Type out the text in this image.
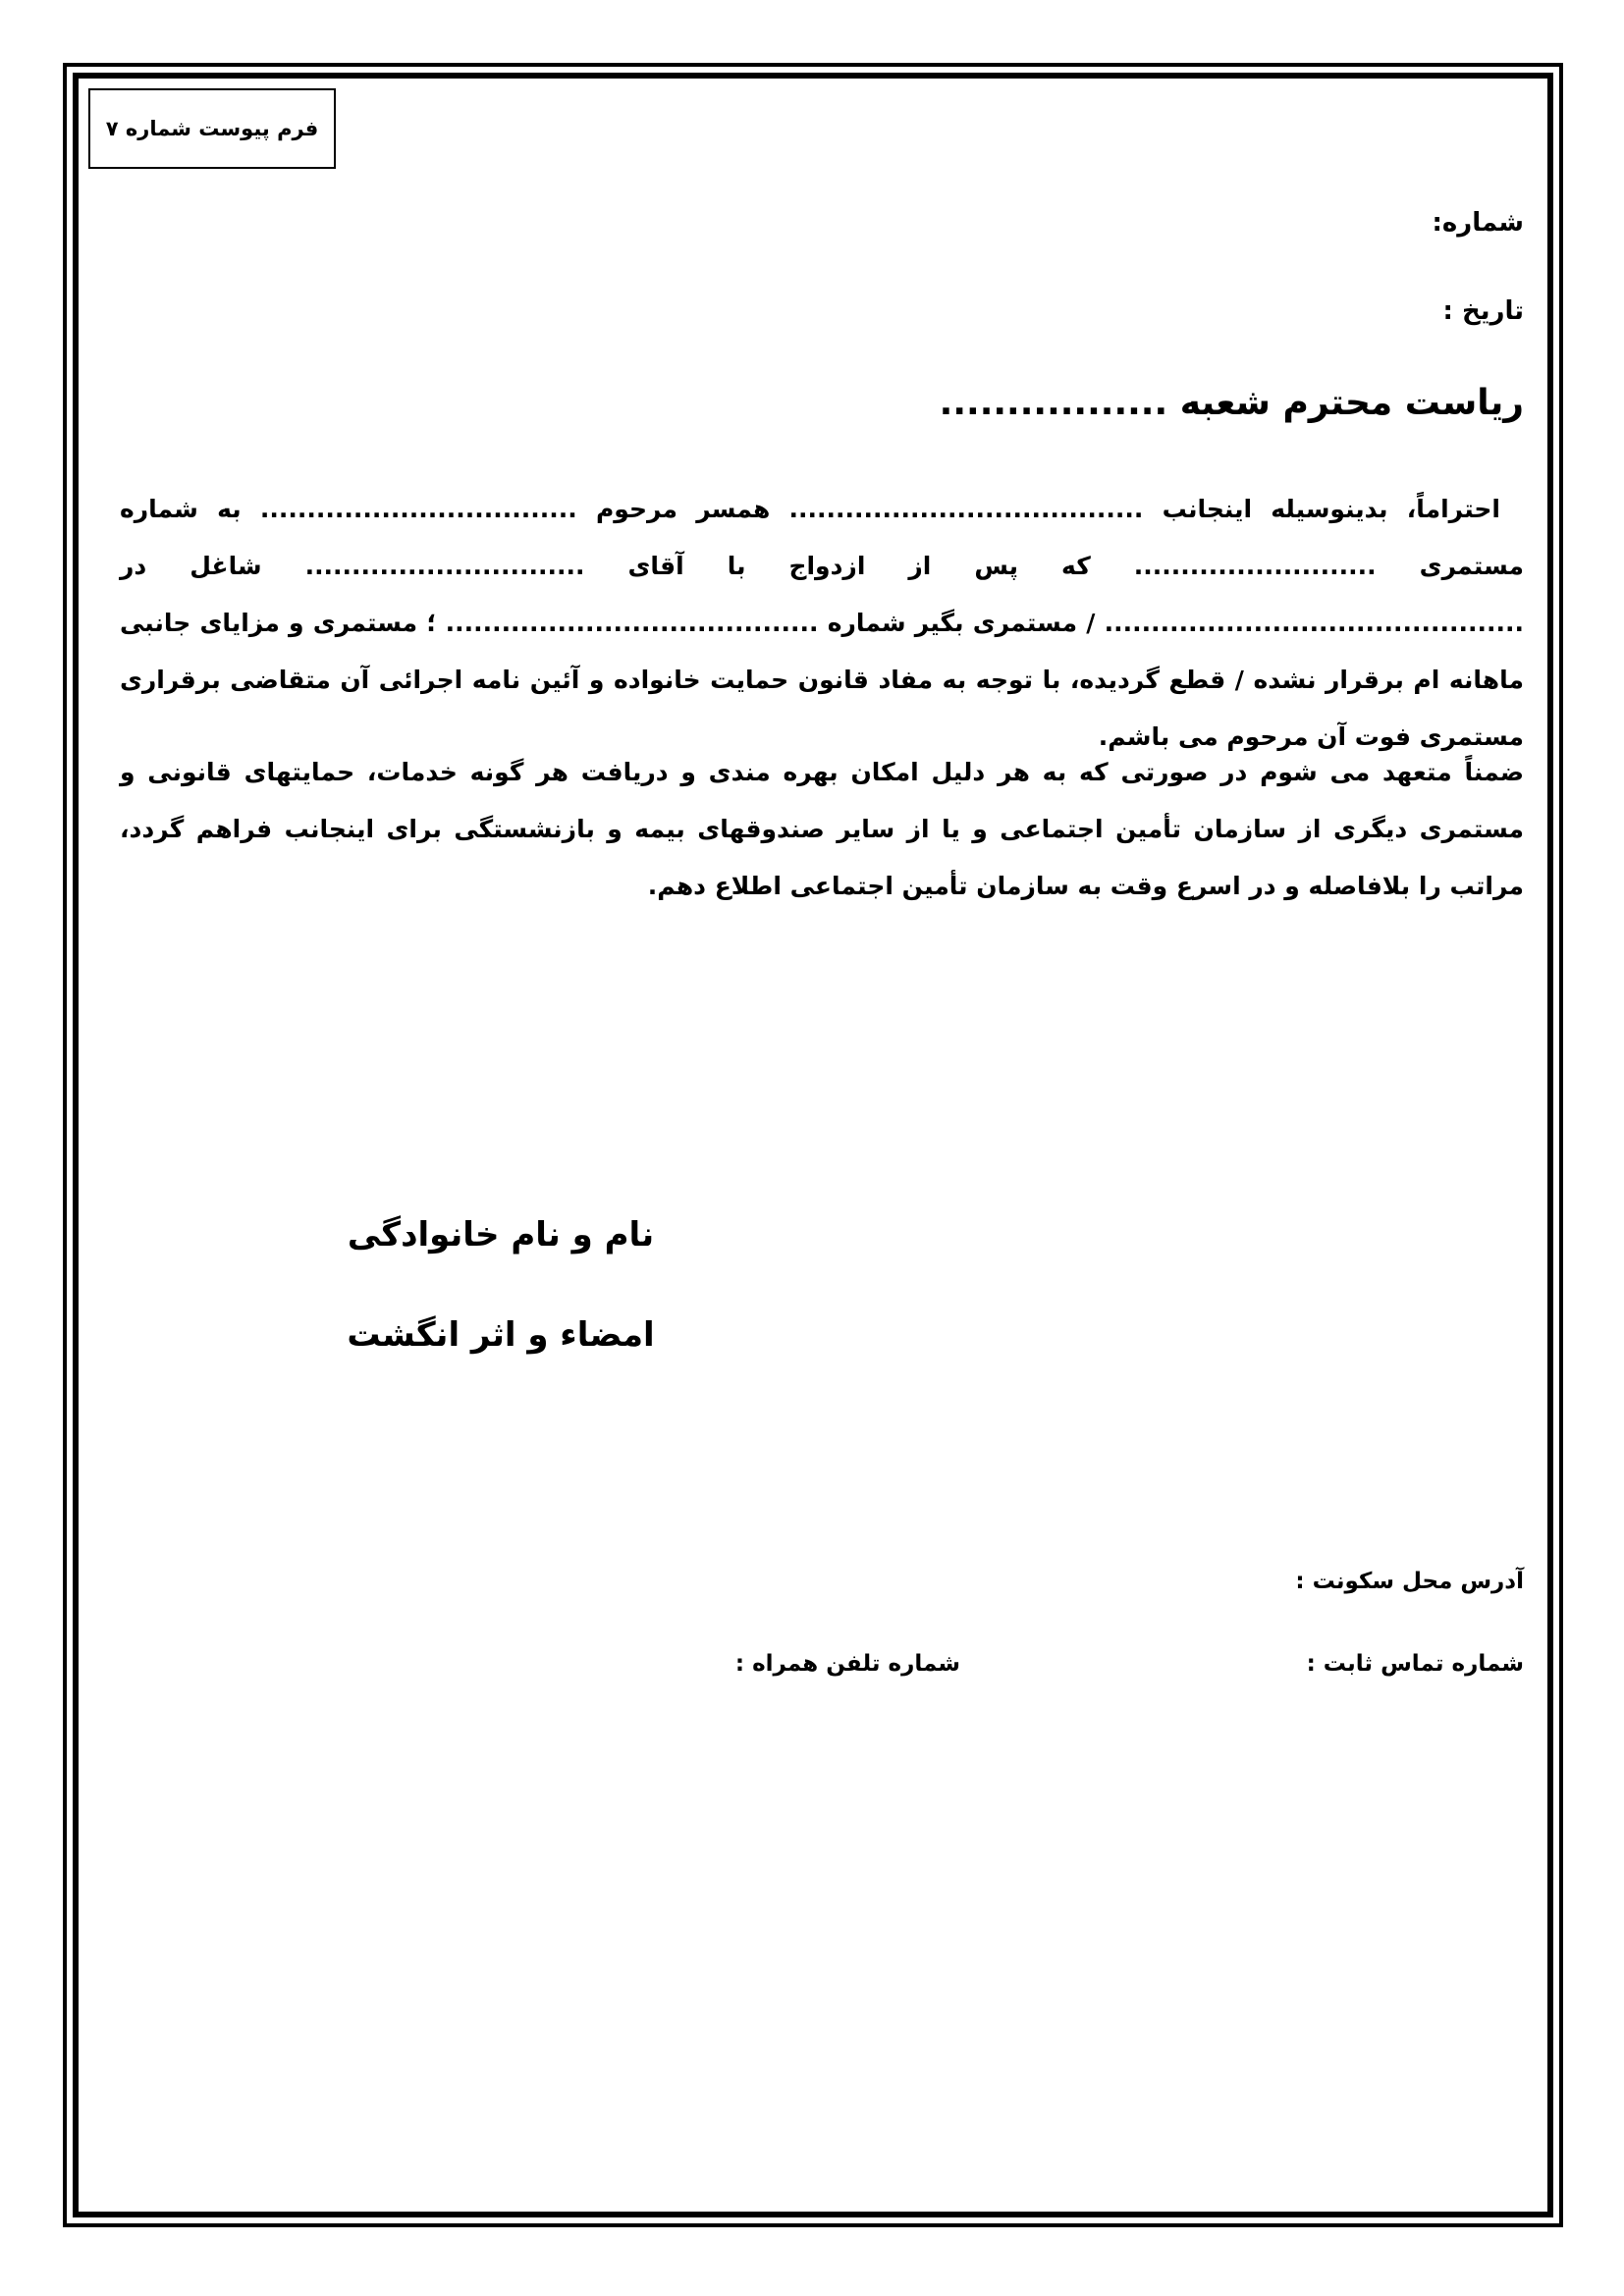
فرم پیوست شماره ۷
شماره:
تاریخ :
ریاست محترم شعبه .................
احتراماً، بدینوسیله اینجانب ...................................... همسر مرحوم .................................. به شماره مستمری .......................... که پس از ازدواج با آقای .............................. شاغل در ............................................. / مستمری بگیر شماره ........................................ ؛ مستمری و مزایای جانبی ماهانه ام برقرار نشده / قطع گردیده، با توجه به مفاد قانون حمایت خانواده و آئین نامه اجرائی آن متقاضی برقراری مستمری فوت آن مرحوم می باشم.
ضمناً متعهد می شوم در صورتی که به هر دلیل امکان بهره مندی و دریافت هر گونه خدمات، حمایتهای قانونی و مستمری دیگری از سازمان تأمین اجتماعی و یا از سایر صندوقهای بیمه و بازنشستگی برای اینجانب فراهم گردد، مراتب را بلافاصله و در اسرع وقت به سازمان تأمین اجتماعی اطلاع دهم.
نام و نام خانوادگی
امضاء و اثر انگشت
آدرس محل سکونت :
شماره تماس ثابت :
شماره تلفن همراه :
